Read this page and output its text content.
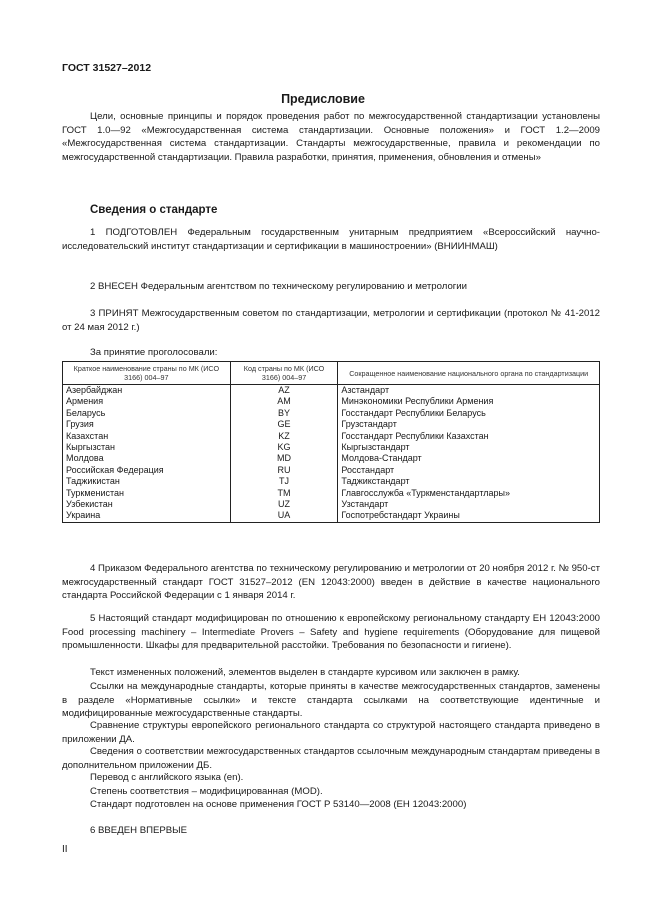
ГОСТ 31527–2012
Предисловие
Цели, основные принципы и порядок проведения работ по межгосударственной стандартизации установлены ГОСТ 1.0—92 «Межгосударственная система стандартизации. Основные положения» и ГОСТ 1.2—2009 «Межгосударственная система стандартизации. Стандарты межгосударственные, правила и рекомендации по межгосударственной стандартизации. Правила разработки, принятия, применения, обновления и отмены»
Сведения о стандарте
1 ПОДГОТОВЛЕН Федеральным государственным унитарным предприятием «Всероссийский научно-исследовательский институт стандартизации и сертификации в машиностроении» (ВНИИНМАШ)
2 ВНЕСЕН Федеральным агентством по техническому регулированию и метрологии
3 ПРИНЯТ Межгосударственным советом по стандартизации, метрологии и сертификации (протокол № 41-2012 от 24 мая 2012 г.)
За принятие проголосовали:
Краткое наименование страны по МК (ИСО 3166) 004–97	Код страны по МК (ИСО 3166) 004–97	Сокращенное наименование национального органа по стандартизации
Азербайджан	AZ	Азстандарт
Армения	AM	Минэкономики Республики Армения
Беларусь	BY	Госстандарт Республики Беларусь
Грузия	GE	Грузстандарт
Казахстан	KZ	Госстандарт Республики Казахстан
Кыргызстан	KG	Кыргызстандарт
Молдова	MD	Молдова-Стандарт
Российская Федерация	RU	Росстандарт
Таджикистан	TJ	Таджикстандарт
Туркменистан	TM	Главгосслужба «Туркменстандартлары»
Узбекистан	UZ	Узстандарт
Украина	UA	Госпотребстандарт Украины
4 Приказом Федерального агентства по техническому регулированию и метрологии от 20 ноября 2012 г. № 950-ст межгосударственный стандарт ГОСТ 31527–2012 (EN 12043:2000) введен в действие в качестве национального стандарта Российской Федерации с 1 января 2014 г.
5 Настоящий стандарт модифицирован по отношению к европейскому региональному стандарту ЕН 12043:2000 Food processing machinery – Intermediate Provers – Safety and hygiene requirements (Оборудование для пищевой промышленности. Шкафы для предварительной расстойки. Требования по безопасности и гигиене).
Текст измененных положений, элементов выделен в стандарте курсивом или заключен в рамку.
Ссылки на международные стандарты, которые приняты в качестве межгосударственных стандартов, заменены в разделе «Нормативные ссылки» и тексте стандарта ссылками на соответствующие идентичные и модифицированные межгосударственные стандарты.
Сравнение структуры европейского регионального стандарта со структурой настоящего стандарта приведено в приложении ДА.
Сведения о соответствии межгосударственных стандартов ссылочным международным стандартам приведены в дополнительном приложении ДБ.
Перевод с английского языка (en).
Степень соответствия – модифицированная (MOD).
Стандарт подготовлен на основе применения ГОСТ Р 53140—2008 (ЕН 12043:2000)
6 ВВЕДЕН ВПЕРВЫЕ
II
